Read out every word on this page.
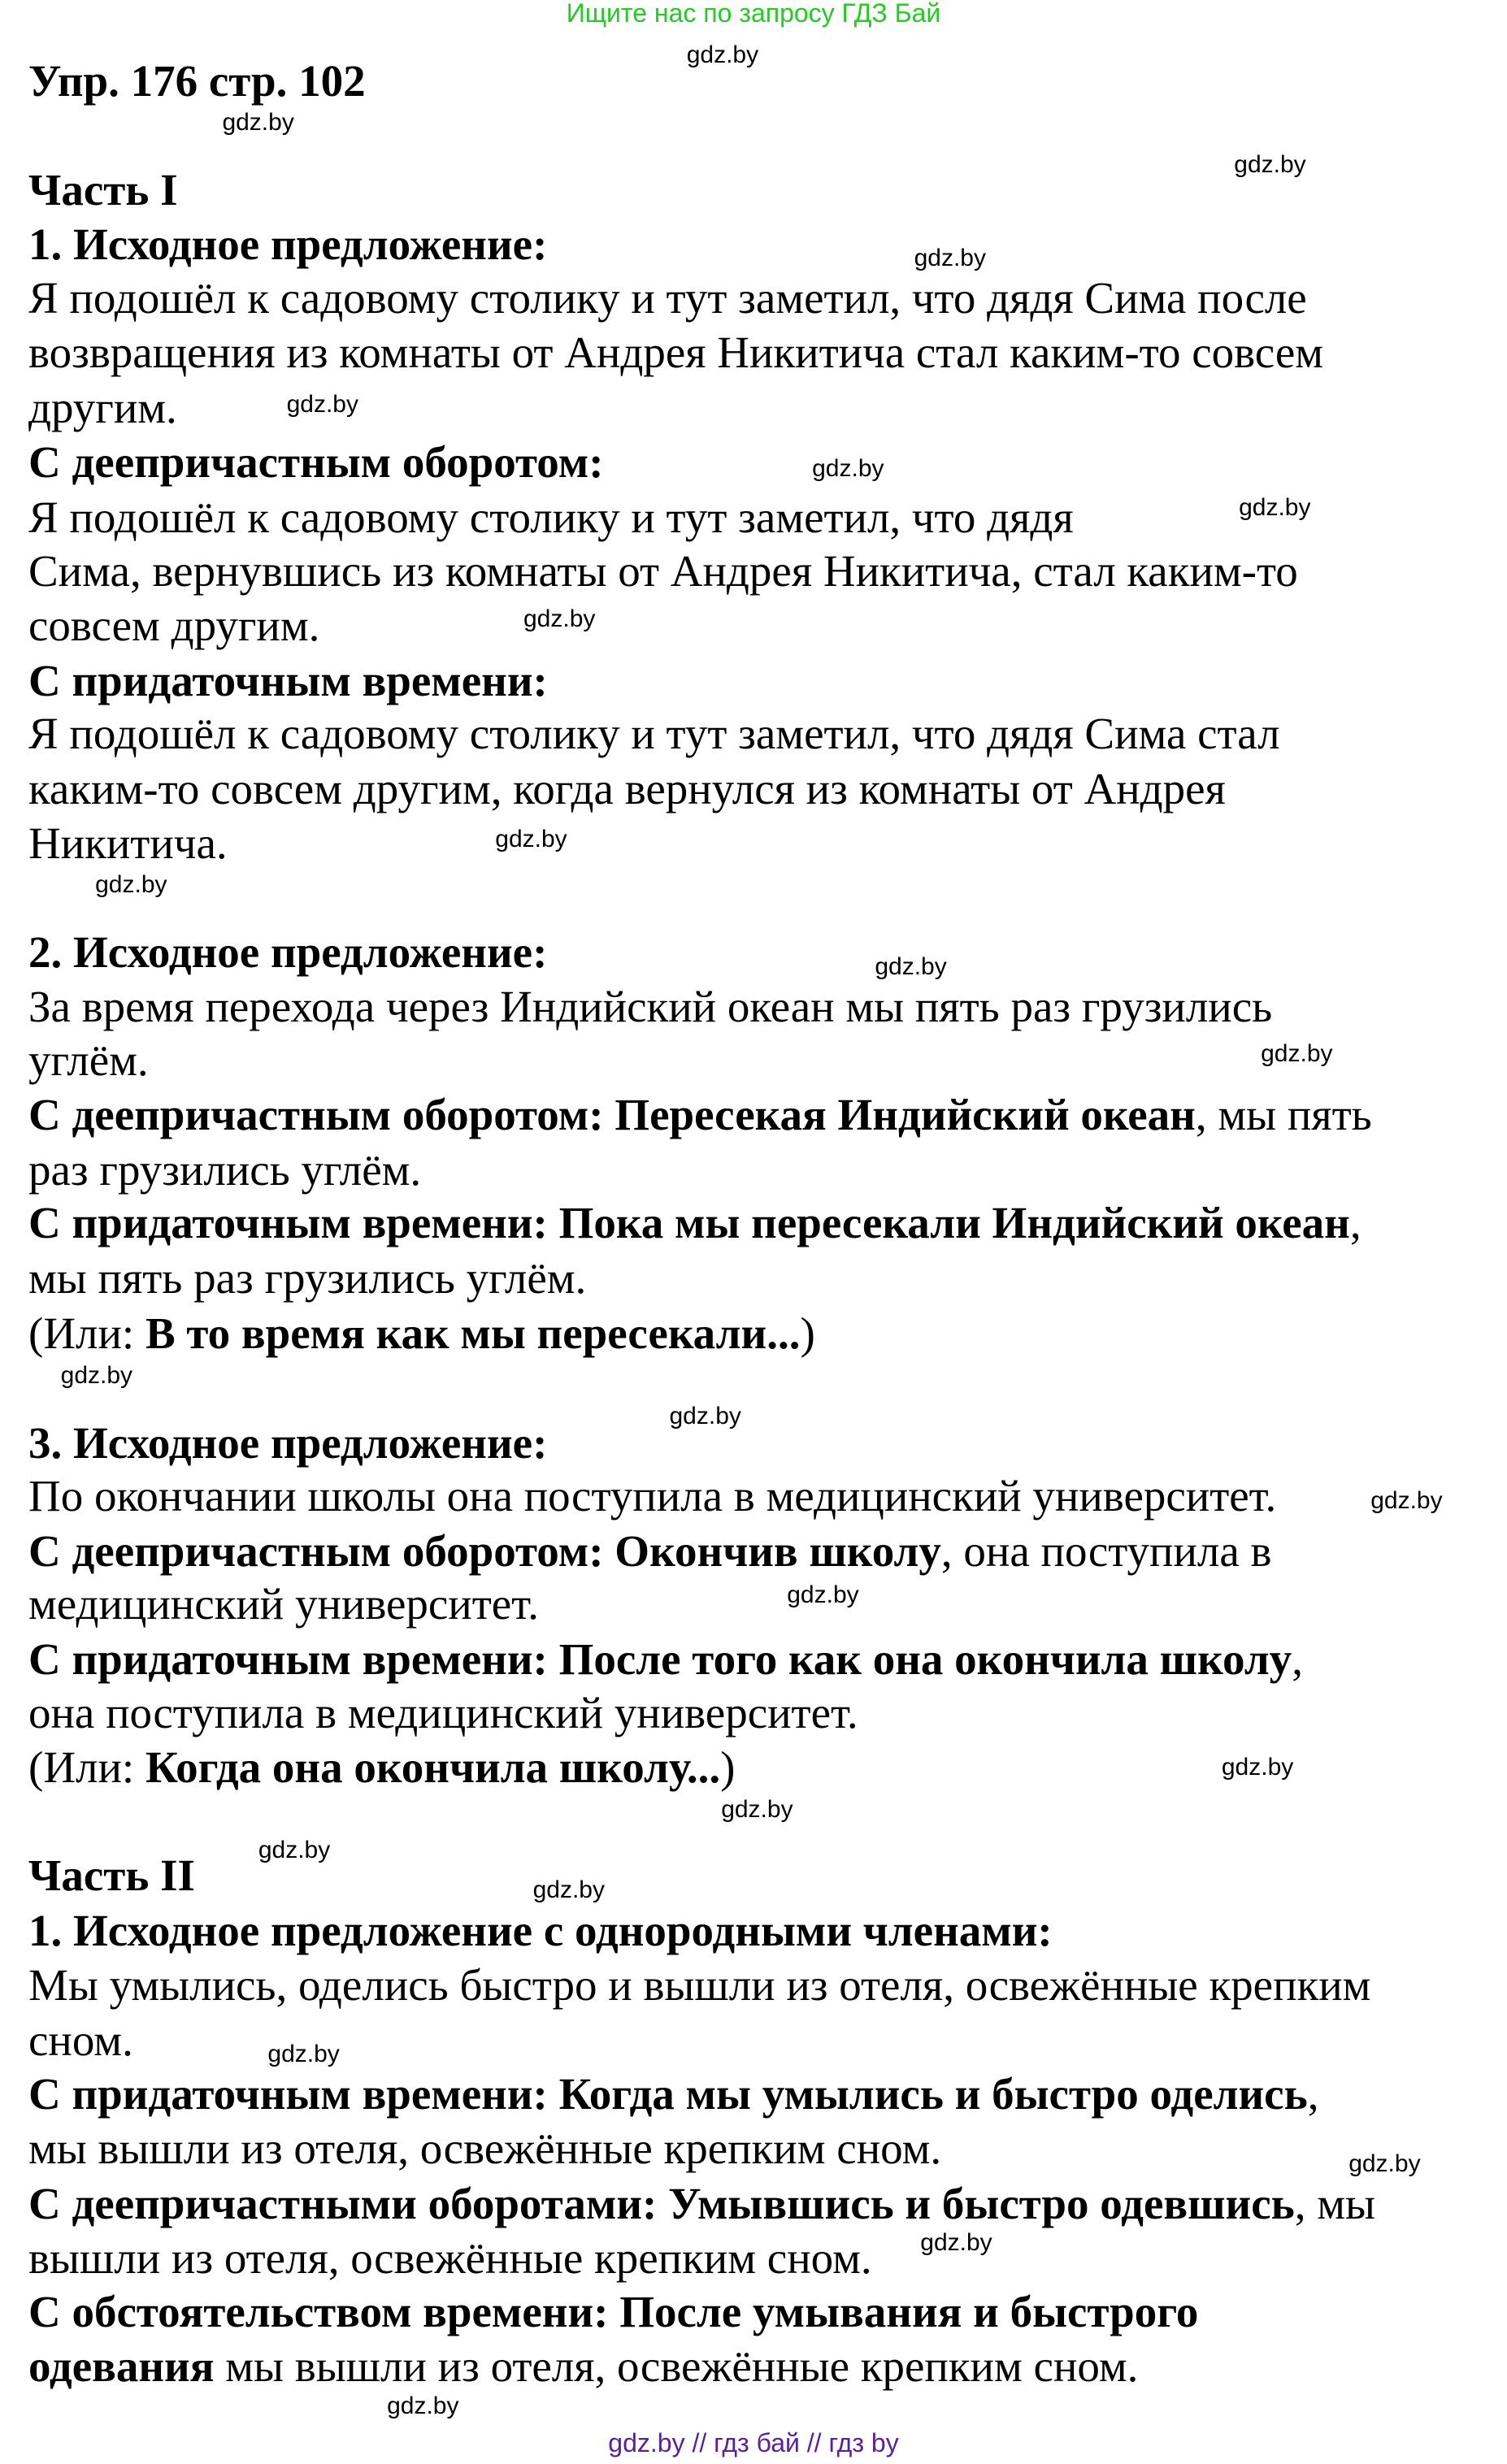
Ищите нас по запросу ГДЗ Бай
Упр. 176 стр. 102
Часть I
1. Исходное предложение:
Я подошёл к садовому столику и тут заметил, что дядя Сима после
возвращения из комнаты от Андрея Никитича стал каким-то совсем
другим.
С деепричастным оборотом:
Я подошёл к садовому столику и тут заметил, что дядя
Сима, вернувшись из комнаты от Андрея Никитича, стал каким-то
совсем другим.
С придаточным времени:
Я подошёл к садовому столику и тут заметил, что дядя Сима стал
каким-то совсем другим, когда вернулся из комнаты от Андрея
Никитича.
2. Исходное предложение:
За время перехода через Индийский океан мы пять раз грузились
углём.
С деепричастным оборотом: Пересекая Индийский океан, мы пять
раз грузились углём.
С придаточным времени: Пока мы пересекали Индийский океан,
мы пять раз грузились углём.
(Или: В то время как мы пересекали...)
3. Исходное предложение:
По окончании школы она поступила в медицинский университет.
С деепричастным оборотом: Окончив школу, она поступила в
медицинский университет.
С придаточным времени: После того как она окончила школу,
она поступила в медицинский университет.
(Или: Когда она окончила школу...)
Часть II
1. Исходное предложение с однородными членами:
Мы умылись, оделись быстро и вышли из отеля, освежённые крепким
сном.
С придаточным времени: Когда мы умылись и быстро оделись,
мы вышли из отеля, освежённые крепким сном.
С деепричастными оборотами: Умывшись и быстро одевшись, мы
вышли из отеля, освежённые крепким сном.
С обстоятельством времени: После умывания и быстрого
одевания мы вышли из отеля, освежённые крепким сном.
gdz.by
gdz.by
gdz.by
gdz.by
gdz.by
gdz.by
gdz.by
gdz.by
gdz.by
gdz.by
gdz.by
gdz.by
gdz.by
gdz.by
gdz.by
gdz.by
gdz.by
gdz.by
gdz.by
gdz.by
gdz.by
gdz.by
gdz.by
gdz.by
gdz.by // гдз бай // гдз by
